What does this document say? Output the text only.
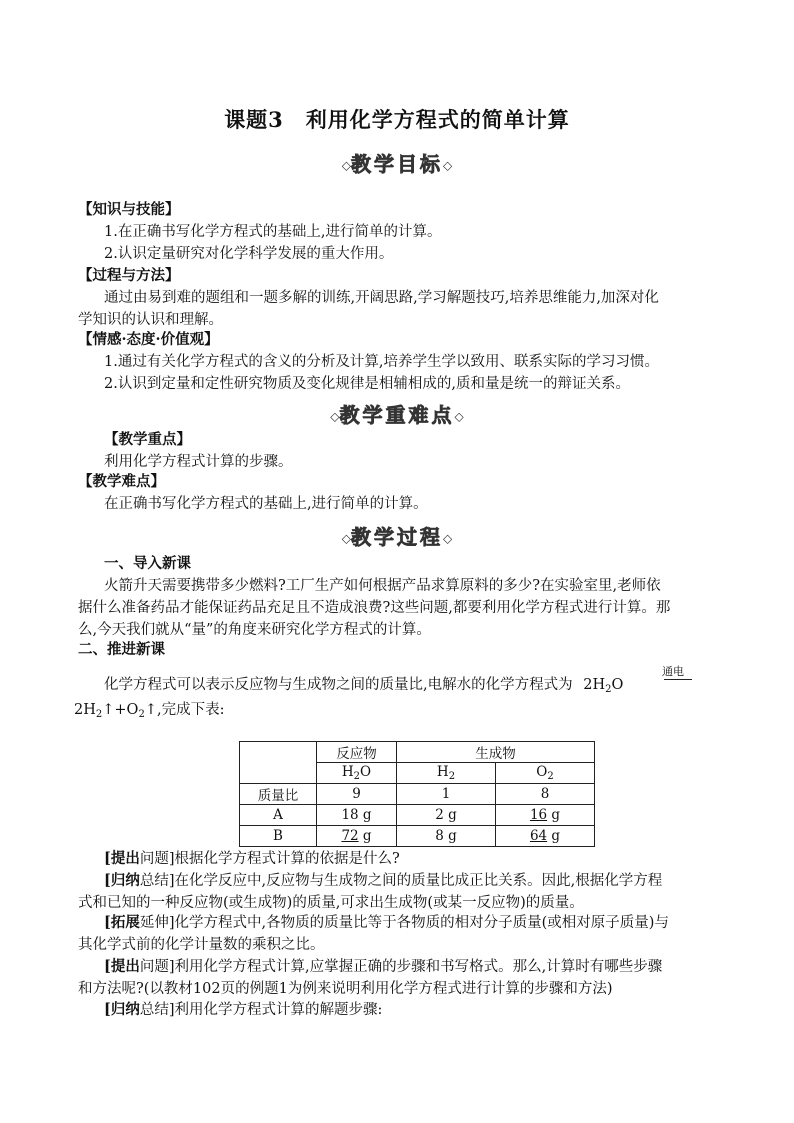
课题3　利用化学方程式的简单计算
◇教学目标◇
【知识与技能】
1.在正确书写化学方程式的基础上,进行简单的计算。
2.认识定量研究对化学科学发展的重大作用。
【过程与方法】
通过由易到难的题组和一题多解的训练,开阔思路,学习解题技巧,培养思维能力,加深对化
学知识的认识和理解。
【情感·态度·价值观】
1.通过有关化学方程式的含义的分析及计算,培养学生学以致用、联系实际的学习习惯。
2.认识到定量和定性研究物质及变化规律是相辅相成的,质和量是统一的辩证关系。
◇教学重难点◇
【教学重点】
利用化学方程式计算的步骤。
【教学难点】
在正确书写化学方程式的基础上,进行简单的计算。
◇教学过程◇
一、导入新课
火箭升天需要携带多少燃料?工厂生产如何根据产品求算原料的多少?在实验室里,老师依
据什么准备药品才能保证药品充足且不造成浪费?这些问题,都要利用化学方程式进行计算。那
么,今天我们就从“量”的角度来研究化学方程式的计算。
二、推进新课
化学方程式可以表示反应物与生成物之间的质量比,电解水的化学方程式为 $2H_2O$
通电
$2H_2↑+O_2↑$,完成下表:
	反应物	生成物	
	$H_2O$	$H_2$	$O_2$
质量比	9	1	8
A	18 g	2 g	16 g
B	72 g	8 g	64 g
[提出问题]根据化学方程式计算的依据是什么?
[归纳总结]在化学反应中,反应物与生成物之间的质量比成正比关系。因此,根据化学方程
式和已知的一种反应物(或生成物)的质量,可求出生成物(或某一反应物)的质量。
[拓展延伸]化学方程式中,各物质的质量比等于各物质的相对分子质量(或相对原子质量)与
其化学式前的化学计量数的乘积之比。
[提出问题]利用化学方程式计算,应掌握正确的步骤和书写格式。那么,计算时有哪些步骤
和方法呢?(以教材102页的例题1为例来说明利用化学方程式进行计算的步骤和方法)
[归纳总结]利用化学方程式计算的解题步骤:
